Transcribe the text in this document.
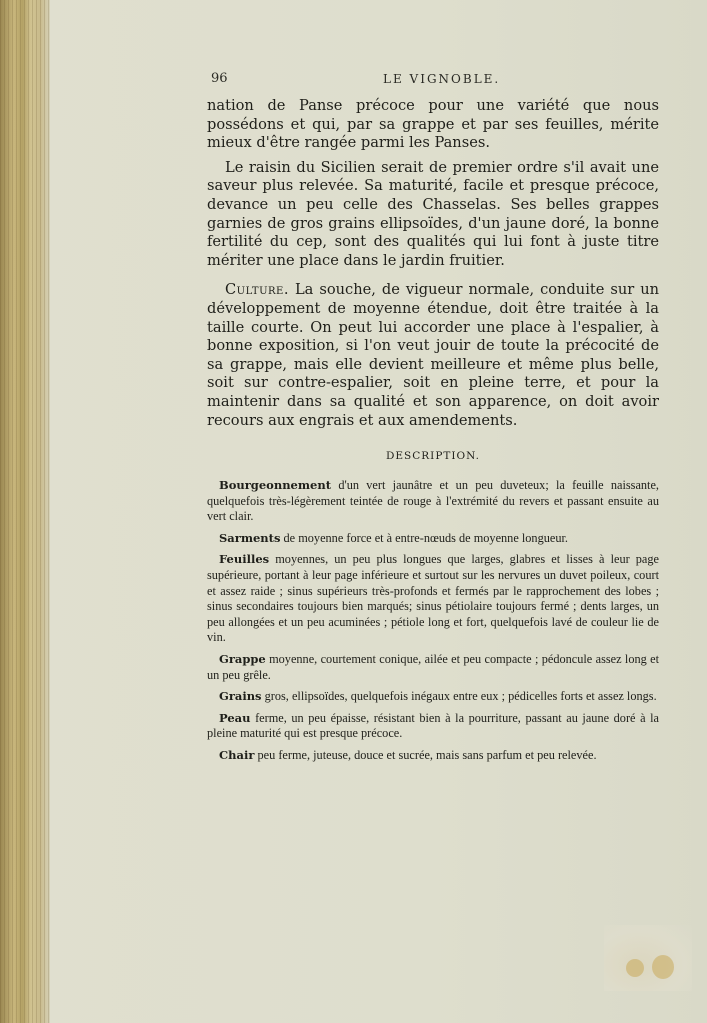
96	LE VIGNOBLE.

nation de Panse précoce pour une variété que nous possédons et qui, par sa grappe et par ses feuilles, mérite mieux d'être rangée parmi les Panses.

Le raisin du Sicilien serait de premier ordre s'il avait une saveur plus relevée. Sa maturité, facile et presque précoce, devance un peu celle des Chasselas. Ses belles grappes garnies de gros grains ellipsoïdes, d'un jaune doré, la bonne fertilité du cep, sont des qualités qui lui font à juste titre mériter une place dans le jardin fruitier.

Culture. La souche, de vigueur normale, conduite sur un développement de moyenne étendue, doit être traitée à la taille courte. On peut lui accorder une place à l'espalier, à bonne exposition, si l'on veut jouir de toute la précocité de sa grappe, mais elle devient meilleure et même plus belle, soit sur contre-espalier, soit en pleine terre, et pour la maintenir dans sa qualité et son apparence, on doit avoir recours aux engrais et aux amendements.

DESCRIPTION.

Bourgeonnement d'un vert jaunâtre et un peu duveteux; la feuille naissante, quelquefois très-légèrement teintée de rouge à l'extrémité du revers et passant ensuite au vert clair.

Sarments de moyenne force et à entre-nœuds de moyenne longueur.

Feuilles moyennes, un peu plus longues que larges, glabres et lisses à leur page supérieure, portant à leur page inférieure et surtout sur les nervures un duvet poileux, court et assez raide ; sinus supérieurs très-profonds et fermés par le rapprochement des lobes ; sinus secondaires toujours bien marqués; sinus pétiolaire toujours fermé ; dents larges, un peu allongées et un peu acuminées ; pétiole long et fort, quelquefois lavé de couleur lie de vin.

Grappe moyenne, courtement conique, ailée et peu compacte ; pédoncule assez long et un peu grêle.

Grains gros, ellipsoïdes, quelquefois inégaux entre eux ; pédicelles forts et assez longs.

Peau ferme, un peu épaisse, résistant bien à la pourriture, passant au jaune doré à la pleine maturité qui est presque précoce.

Chair peu ferme, juteuse, douce et sucrée, mais sans parfum et peu relevée.
